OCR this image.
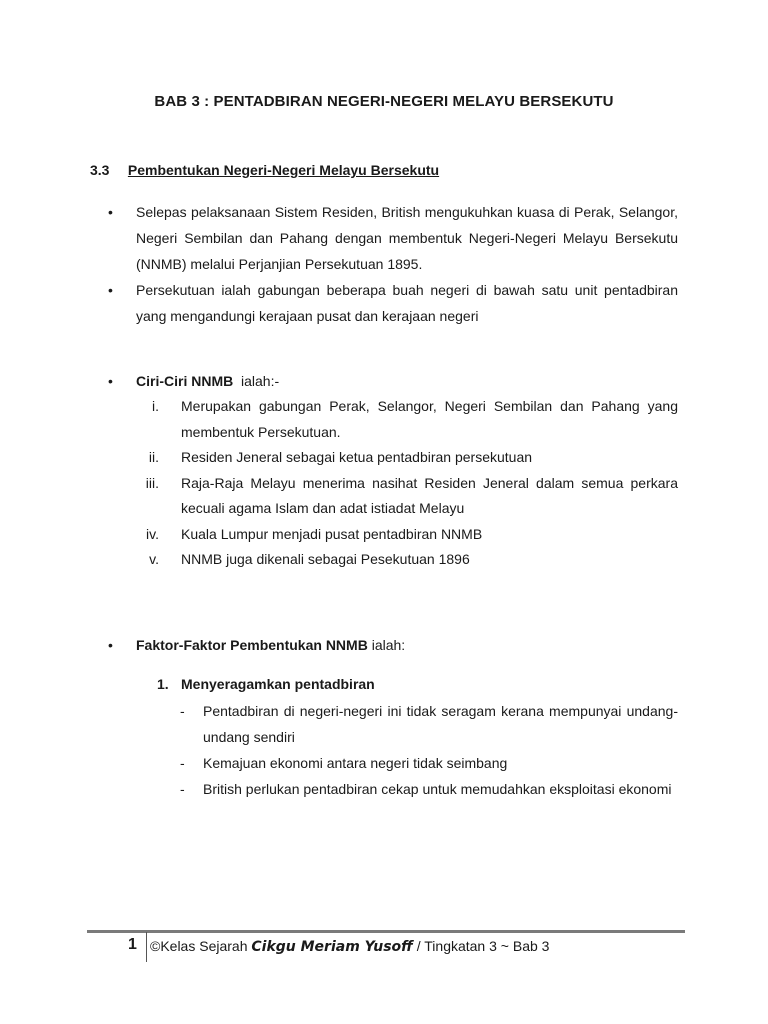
BAB 3 : PENTADBIRAN NEGERI-NEGERI MELAYU BERSEKUTU
3.3 Pembentukan Negeri-Negeri Melayu Bersekutu
•	Selepas pelaksanaan Sistem Residen, British mengukuhkan kuasa di Perak, Selangor, Negeri Sembilan dan Pahang dengan membentuk Negeri-Negeri Melayu Bersekutu (NNMB) melalui Perjanjian Persekutuan 1895.
•	Persekutuan ialah gabungan beberapa buah negeri di bawah satu unit pentadbiran yang mengandungi kerajaan pusat dan kerajaan negeri
•	Ciri-Ciri NNMB  ialah:-
i.	Merupakan gabungan Perak, Selangor, Negeri Sembilan dan Pahang yang membentuk Persekutuan.
ii.	Residen Jeneral sebagai ketua pentadbiran persekutuan
iii.	Raja-Raja Melayu menerima nasihat Residen Jeneral dalam semua perkara kecuali agama Islam dan adat istiadat Melayu
iv.	Kuala Lumpur menjadi pusat pentadbiran NNMB
v.	NNMB juga dikenali sebagai Pesekutuan 1896
•	Faktor-Faktor Pembentukan NNMB ialah:
1. Menyeragamkan pentadbiran
-	Pentadbiran di negeri-negeri ini tidak seragam kerana mempunyai undang-undang sendiri
-	Kemajuan ekonomi antara negeri tidak seimbang
-	British perlukan pentadbiran cekap untuk memudahkan eksploitasi ekonomi
1 ©Kelas Sejarah Cikgu Meriam Yusoff / Tingkatan 3 ~ Bab 3
